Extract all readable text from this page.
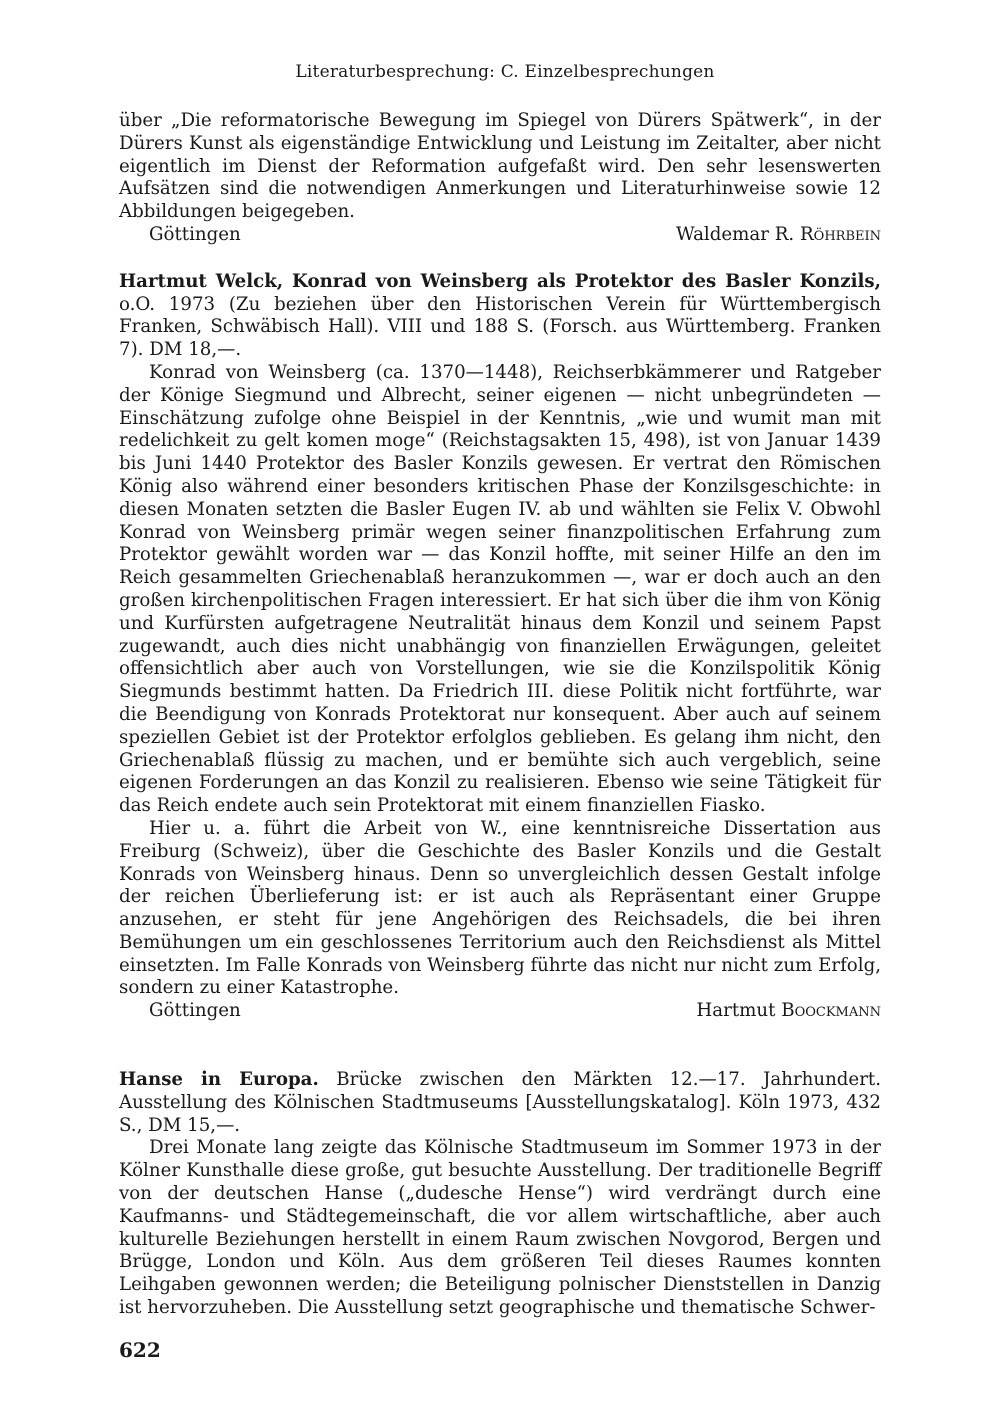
Literaturbesprechung: C. Einzelbesprechungen

über „Die reformatorische Bewegung im Spiegel von Dürers Spätwerk“, in der Dürers Kunst als eigenständige Entwicklung und Leistung im Zeitalter, aber nicht eigentlich im Dienst der Reformation aufgefaßt wird. Den sehr lesenswerten Aufsätzen sind die notwendigen Anmerkungen und Literaturhinweise sowie 12 Abbildungen beigegeben.

Göttingen	Waldemar R. Röhrbein

Hartmut Welck, Konrad von Weinsberg als Protektor des Basler Konzils, o.O. 1973 (Zu beziehen über den Historischen Verein für Württembergisch Franken, Schwäbisch Hall). VIII und 188 S. (Forsch. aus Württemberg. Franken 7). DM 18,—.

Konrad von Weinsberg (ca. 1370—1448), Reichserbkämmerer und Ratgeber der Könige Siegmund und Albrecht, seiner eigenen — nicht unbegründeten — Einschätzung zufolge ohne Beispiel in der Kenntnis, „wie und wumit man mit redelichkeit zu gelt komen moge“ (Reichstagsakten 15, 498), ist von Januar 1439 bis Juni 1440 Protektor des Basler Konzils gewesen. Er vertrat den Römischen König also während einer besonders kritischen Phase der Konzilsgeschichte: in diesen Monaten setzten die Basler Eugen IV. ab und wählten sie Felix V. Obwohl Konrad von Weinsberg primär wegen seiner finanzpolitischen Erfahrung zum Protektor gewählt worden war — das Konzil hoffte, mit seiner Hilfe an den im Reich gesammelten Griechenablaß heranzukommen —, war er doch auch an den großen kirchenpolitischen Fragen interessiert. Er hat sich über die ihm von König und Kurfürsten aufgetragene Neutralität hinaus dem Konzil und seinem Papst zugewandt, auch dies nicht unabhängig von finanziellen Erwägungen, geleitet offensichtlich aber auch von Vorstellungen, wie sie die Konzilspolitik König Siegmunds bestimmt hatten. Da Friedrich III. diese Politik nicht fortführte, war die Beendigung von Konrads Protektorat nur konsequent. Aber auch auf seinem speziellen Gebiet ist der Protektor erfolglos geblieben. Es gelang ihm nicht, den Griechenablaß flüssig zu machen, und er bemühte sich auch vergeblich, seine eigenen Forderungen an das Konzil zu realisieren. Ebenso wie seine Tätigkeit für das Reich endete auch sein Protektorat mit einem finanziellen Fiasko.

Hier u. a. führt die Arbeit von W., eine kenntnisreiche Dissertation aus Freiburg (Schweiz), über die Geschichte des Basler Konzils und die Gestalt Konrads von Weinsberg hinaus. Denn so unvergleichlich dessen Gestalt infolge der reichen Überlieferung ist: er ist auch als Repräsentant einer Gruppe anzusehen, er steht für jene Angehörigen des Reichsadels, die bei ihren Bemühungen um ein geschlossenes Territorium auch den Reichsdienst als Mittel einsetzten. Im Falle Konrads von Weinsberg führte das nicht nur nicht zum Erfolg, sondern zu einer Katastrophe.

Göttingen	Hartmut Boockmann

Hanse in Europa. Brücke zwischen den Märkten 12.—17. Jahrhundert. Ausstellung des Kölnischen Stadtmuseums [Ausstellungskatalog]. Köln 1973, 432 S., DM 15,—.

Drei Monate lang zeigte das Kölnische Stadtmuseum im Sommer 1973 in der Kölner Kunsthalle diese große, gut besuchte Ausstellung. Der traditionelle Begriff von der deutschen Hanse („dudesche Hense“) wird verdrängt durch eine Kaufmanns- und Städtegemeinschaft, die vor allem wirtschaftliche, aber auch kulturelle Beziehungen herstellt in einem Raum zwischen Novgorod, Bergen und Brügge, London und Köln. Aus dem größeren Teil dieses Raumes konnten Leihgaben gewonnen werden; die Beteiligung polnischer Dienststellen in Danzig ist hervorzuheben. Die Ausstellung setzt geographische und thematische Schwer-

622
